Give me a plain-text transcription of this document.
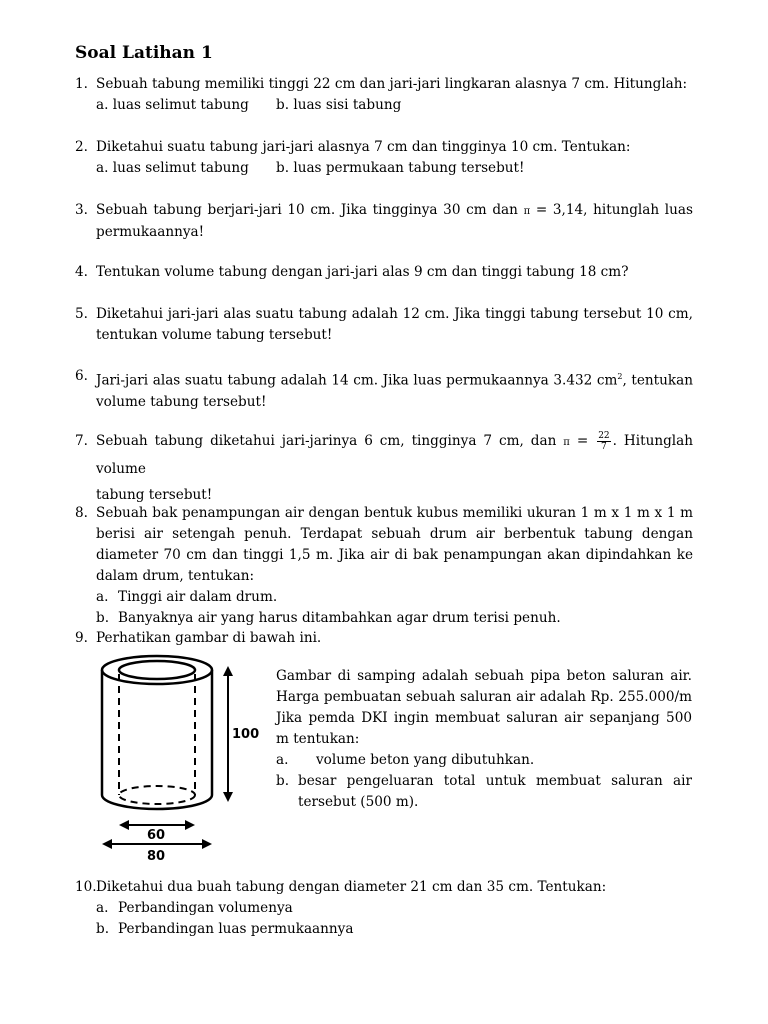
Soal Latihan 1
1. Sebuah tabung memiliki tinggi 22 cm dan jari-jari lingkaran alasnya 7 cm. Hitunglah:
a. luas selimut tabung	b. luas sisi tabung
2. Diketahui suatu tabung jari-jari alasnya 7 cm dan tingginya 10 cm. Tentukan:
a. luas selimut tabung	b. luas permukaan tabung tersebut!
3. Sebuah tabung berjari-jari 10 cm. Jika tingginya 30 cm dan π = 3,14, hitunglah luas permukaannya!
4. Tentukan volume tabung dengan jari-jari alas 9 cm dan tinggi tabung 18 cm?
5. Diketahui jari-jari alas suatu tabung adalah 12 cm. Jika tinggi tabung tersebut 10 cm, tentukan volume tabung tersebut!
6. Jari-jari alas suatu tabung adalah 14 cm. Jika luas permukaannya 3.432 $cm^2$, tentukan volume tabung tersebut!
7. Sebuah tabung diketahui jari-jarinya 6 cm, tingginya 7 cm, dan $\pi = \frac{22}{7}$ . Hitunglah volume
tabung tersebut!
8. Sebuah bak penampungan air dengan bentuk kubus memiliki ukuran 1 m x 1 m x 1 m berisi air setengah penuh. Terdapat sebuah drum air berbentuk tabung dengan diameter 70 cm dan tinggi 1,5 m. Jika air di bak penampungan akan dipindahkan ke dalam drum, tentukan:
a. Tinggi air dalam drum.
b. Banyaknya air yang harus ditambahkan agar drum terisi penuh.
9. Perhatikan gambar di bawah ini.
100
60
80
Gambar di samping adalah sebuah pipa beton saluran air. Harga pembuatan sebuah saluran air adalah Rp. 255.000/m Jika pemda DKI ingin membuat saluran air sepanjang 500 m tentukan:
a.	volume beton yang dibutuhkan.
b. besar pengeluaran total untuk membuat saluran air tersebut (500 m).
10. Diketahui dua buah tabung dengan diameter 21 cm dan 35 cm. Tentukan:
a. Perbandingan volumenya
b. Perbandingan luas permukaannya
